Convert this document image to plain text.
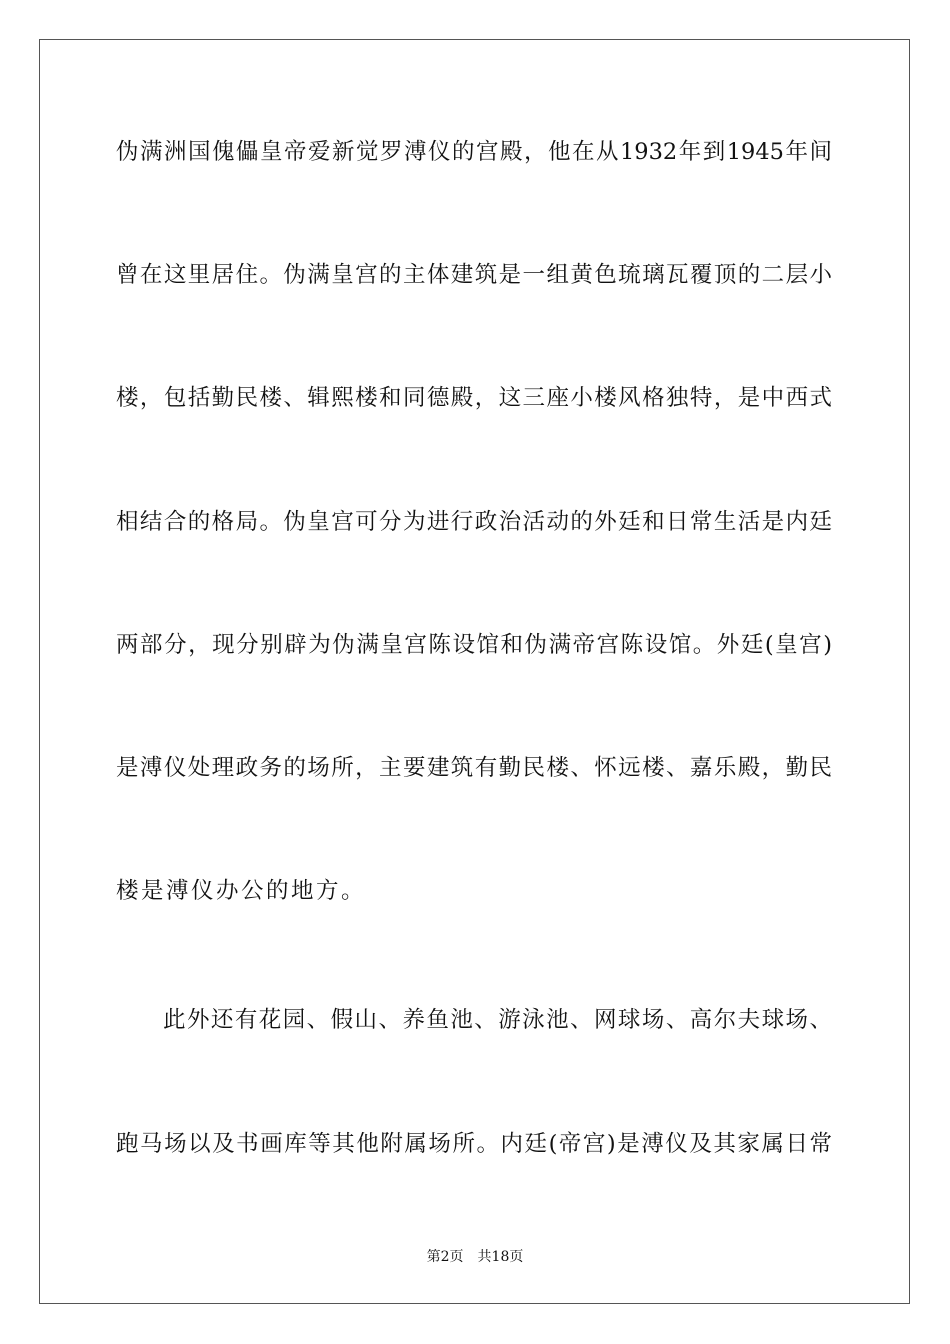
伪满洲国傀儡皇帝爱新觉罗溥仪的宫殿，他在从1932年到1945年间
曾在这里居住。伪满皇宫的主体建筑是一组黄色琉璃瓦覆顶的二层小
楼，包括勤民楼、辑熙楼和同德殿，这三座小楼风格独特，是中西式
相结合的格局。伪皇宫可分为进行政治活动的外廷和日常生活是内廷
两部分，现分别辟为伪满皇宫陈设馆和伪满帝宫陈设馆。外廷(皇宫)
是溥仪处理政务的场所，主要建筑有勤民楼、怀远楼、嘉乐殿，勤民
楼是溥仪办公的地方。
此外还有花园、假山、养鱼池、游泳池、网球场、高尔夫球场、
跑马场以及书画库等其他附属场所。内廷(帝宫)是溥仪及其家属日常
第2页 共18页
